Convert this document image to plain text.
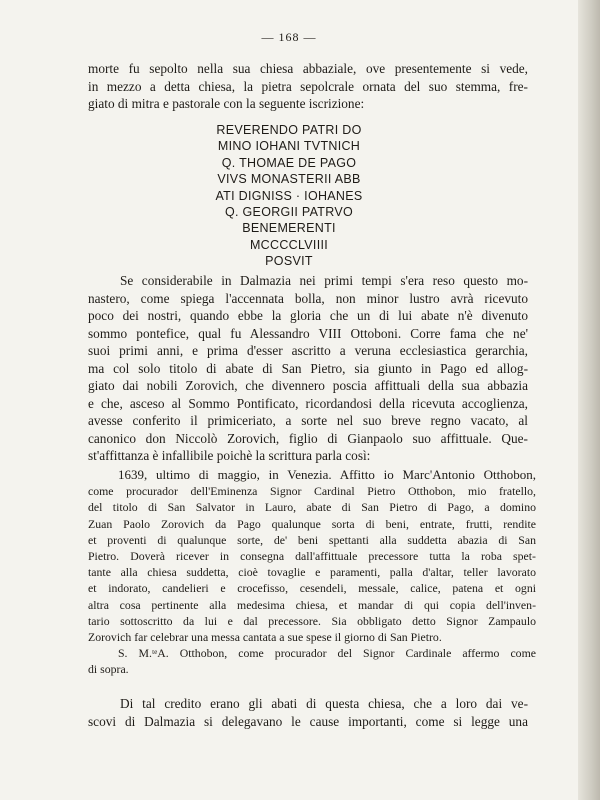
— 168 —

morte fu sepolto nella sua chiesa abbaziale, ove presentemente si vede,
in mezzo a detta chiesa, la pietra sepolcrale ornata del suo stemma, fre-
giato di mitra e pastorale con la seguente iscrizione:

REVERENDO PATRI DO
MINO IOHANI TVTNICH
Q. THOMAE DE PAGO
VIVS MONASTERII ABB
ATI DIGNISS · IOHANES
Q. GEORGII PATRVO
BENEMERENTI
MCCCCLVIIII
POSVIT

Se considerabile in Dalmazia nei primi tempi s'era reso questo mo-
nastero, come spiega l'accennata bolla, non minor lustro avrà ricevuto
poco dei nostri, quando ebbe la gloria che un di lui abate n'è divenuto
sommo pontefice, qual fu Alessandro VIII Ottoboni. Corre fama che ne'
suoi primi anni, e prima d'esser ascritto a veruna ecclesiastica gerarchia,
ma col solo titolo di abate di San Pietro, sia giunto in Pago ed allog-
giato dai nobili Zorovich, che divennero poscia affittuali della sua abbazia
e che, asceso al Sommo Pontificato, ricordandosi della ricevuta accoglienza,
avesse conferito il primiceriato, a sorte nel suo breve regno vacato, al
canonico don Niccolò Zorovich, figlio di Gianpaolo suo affittuale. Que-
st'affittanza è infallibile poichè la scrittura parla così:

1639, ultimo di maggio, in Venezia. Affitto io Marc'Antonio Otthobon,
come procurador dell'Eminenza Signor Cardinal Pietro Otthobon, mio fratello,
del titolo di San Salvator in Lauro, abate di San Pietro di Pago, a domino
Zuan Paolo Zorovich da Pago qualunque sorta di beni, entrate, frutti, rendite
et proventi di qualunque sorte, de' beni spettanti alla suddetta abazia di San
Pietro. Doverà ricever in consegna dall'affittuale precessore tutta la roba spet-
tante alla chiesa suddetta, cioè tovaglie e paramenti, palla d'altar, teller lavorato
et indorato, candelieri e crocefisso, cesendeli, messale, calice, patena et ogni
altra cosa pertinente alla medesima chiesa, et mandar di qui copia dell'inven-
tario sottoscritto da lui e dal precessore. Sia obbligato detto Signor Zampaulo
Zorovich far celebrar una messa cantata a sue spese il giorno di San Pietro.
S. M.ᵗᵉA. Otthobon, come procurador del Signor Cardinale affermo come
di sopra.

Di tal credito erano gli abati di questa chiesa, che a loro dai ve-
scovi di Dalmazia si delegavano le cause importanti, come si legge una
